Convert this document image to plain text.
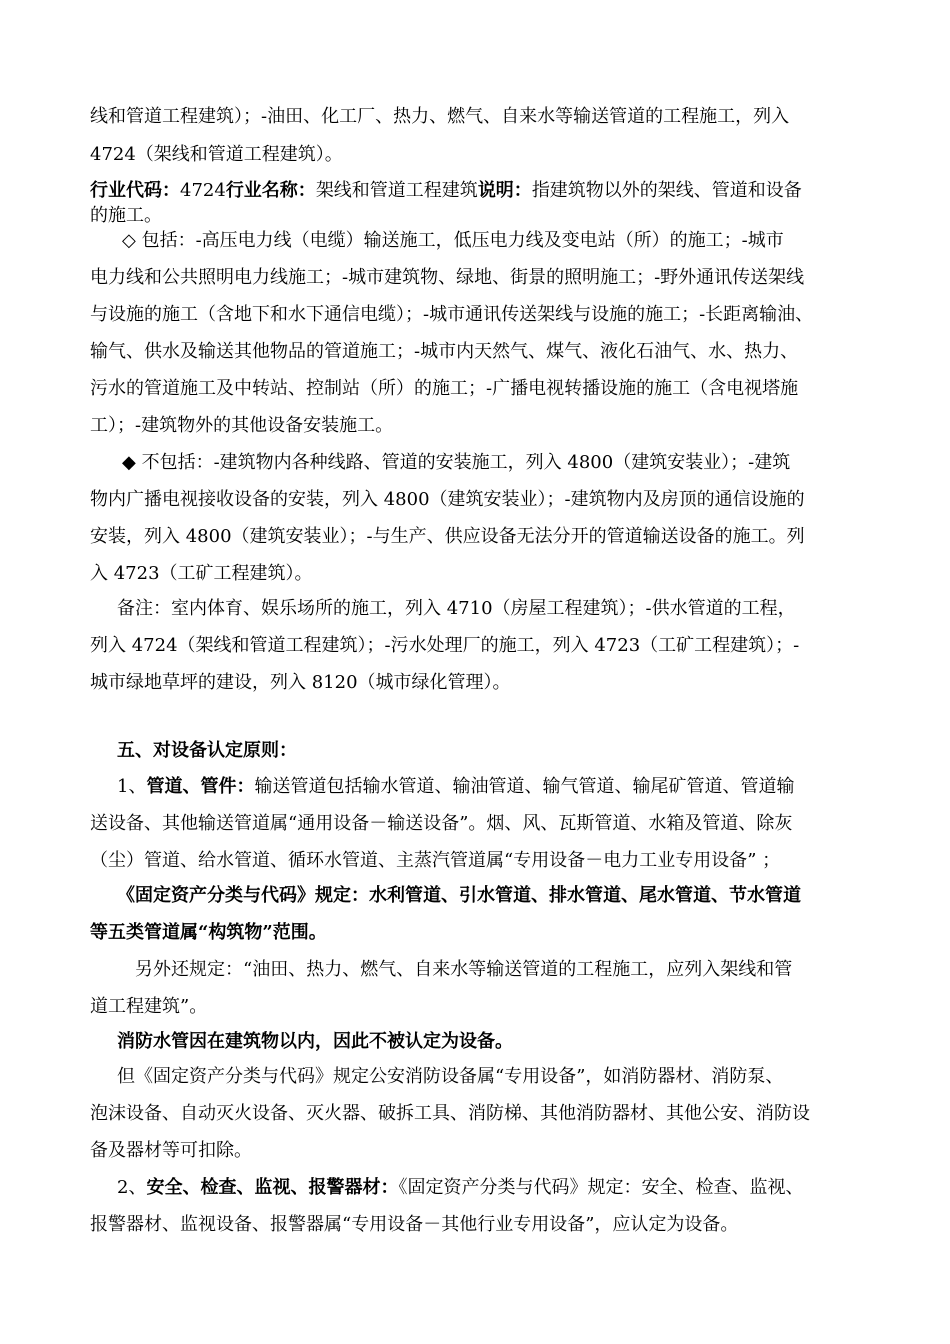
线和管道工程建筑）；-油田、化工厂、热力、燃气、自来水等输送管道的工程施工，列入
4724（架线和管道工程建筑）。
行业代码：4724行业名称：架线和管道工程建筑说明：指建筑物以外的架线、管道和设备
的施工。
◇ 包括：-高压电力线（电缆）输送施工，低压电力线及变电站（所）的施工；-城市
电力线和公共照明电力线施工；-城市建筑物、绿地、街景的照明施工；-野外通讯传送架线
与设施的施工（含地下和水下通信电缆）；-城市通讯传送架线与设施的施工；-长距离输油、
输气、供水及输送其他物品的管道施工；-城市内天然气、煤气、液化石油气、水、热力、
污水的管道施工及中转站、控制站（所）的施工；-广播电视转播设施的施工（含电视塔施
工）；-建筑物外的其他设备安装施工。
◆ 不包括：-建筑物内各种线路、管道的安装施工，列入 4800（建筑安装业）；-建筑
物内广播电视接收设备的安装，列入 4800（建筑安装业）；-建筑物内及房顶的通信设施的
安装，列入 4800（建筑安装业）；-与生产、供应设备无法分开的管道输送设备的施工。列
入 4723（工矿工程建筑）。
备注：室内体育、娱乐场所的施工，列入 4710（房屋工程建筑）；-供水管道的工程，
列入 4724（架线和管道工程建筑）；-污水处理厂的施工，列入 4723（工矿工程建筑）；-
城市绿地草坪的建设，列入 8120（城市绿化管理）。
五、对设备认定原则：
1、管道、管件：输送管道包括输水管道、输油管道、输气管道、输尾矿管道、管道输
送设备、其他输送管道属“通用设备－输送设备”。烟、风、瓦斯管道、水箱及管道、除灰
（尘）管道、给水管道、循环水管道、主蒸汽管道属“专用设备－电力工业专用设备” ；
《固定资产分类与代码》规定：水利管道、引水管道、排水管道、尾水管道、节水管道
等五类管道属“构筑物”范围。
另外还规定：“油田、热力、燃气、自来水等输送管道的工程施工，应列入架线和管
道工程建筑”。
消防水管因在建筑物以内，因此不被认定为设备。
但《固定资产分类与代码》规定公安消防设备属“专用设备”，如消防器材、消防泵、
泡沫设备、自动灭火设备、灭火器、破拆工具、消防梯、其他消防器材、其他公安、消防设
备及器材等可扣除。
2、安全、检查、监视、报警器材：《固定资产分类与代码》规定：安全、检查、监视、
报警器材、监视设备、报警器属“专用设备－其他行业专用设备”，应认定为设备。
